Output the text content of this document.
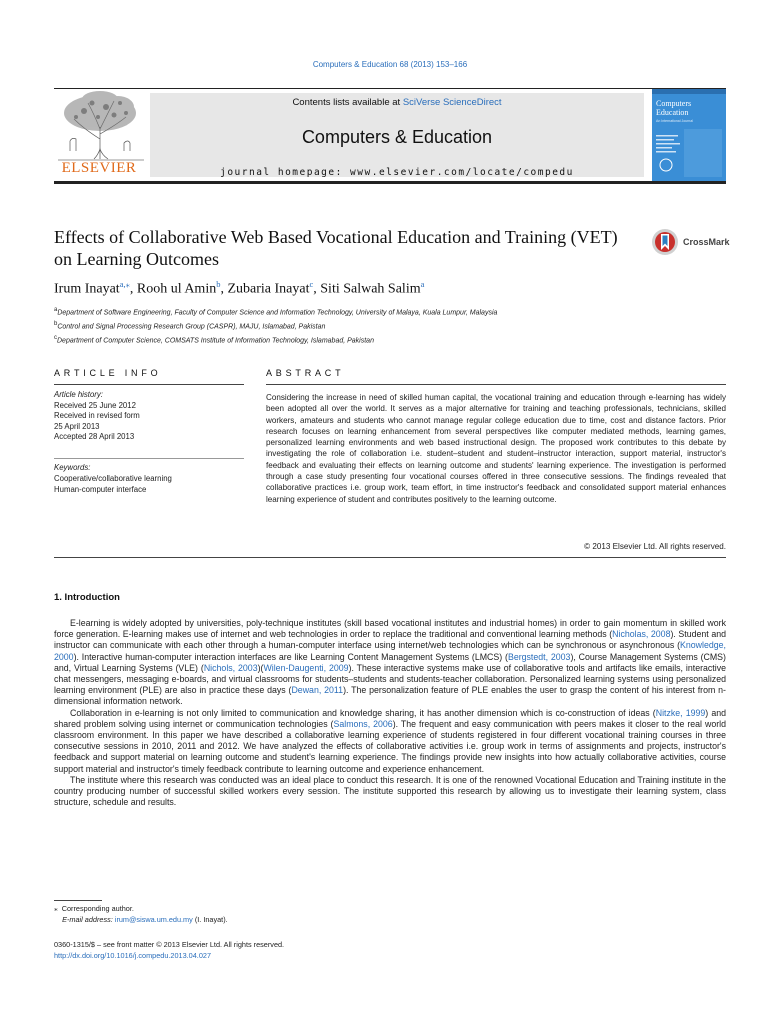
Computers & Education 68 (2013) 153–166
ELSEVIER
Contents lists available at SciVerse ScienceDirect
Computers & Education
journal homepage: www.elsevier.com/locate/compedu
Computers
Education
An International Journal
Effects of Collaborative Web Based Vocational Education and Training (VET) on Learning Outcomes
CrossMark
Irum Inayat$^{a,⁎}$, Rooh ul Amin$^b$, Zubaria Inayat$^c$, Siti Salwah Salim$^a$
$^a$Department of Software Engineering, Faculty of Computer Science and Information Technology, University of Malaya, Kuala Lumpur, Malaysia
$^b$Control and Signal Processing Research Group (CASPR), MAJU, Islamabad, Pakistan
$^c$Department of Computer Science, COMSATS Institute of Information Technology, Islamabad, Pakistan
ARTICLE INFO	ABSTRACT
Article history:
Received 25 June 2012
Received in revised form
25 April 2013
Accepted 28 April 2013
Keywords:
Cooperative/collaborative learning
Human-computer interface
Considering the increase in need of skilled human capital, the vocational training and education through e-learning has widely been adopted all over the world. It serves as a major alternative for training and teaching professionals, technicians, skilled workers, amateurs and students who cannot manage regular college education due to time, cost and distance factors. Prior research focuses on learning enhancement from several perspectives like computer mediated methods, learning games, personalized learning environments and web based instructional design. The proposed work contributes to this debate by investigating the role of collaboration i.e. student–student and student–instructor interaction, support material, instructor's feedback and evaluating their effects on learning outcome and students' learning experience. The investigation is performed through a case study presenting four vocational courses offered in three consecutive sessions. The findings revealed that collaborative practices i.e. group work, team effort, in time instructor's feedback and consolidated support material enhances learning experience of student and contributes positively to the learning outcome.
© 2013 Elsevier Ltd. All rights reserved.
1. Introduction

E-learning is widely adopted by universities, poly-technique institutes (skill based vocational institutes and industrial homes) in order to gain momentum in skilled work force generation. E-learning makes use of internet and web technologies in order to replace the traditional and conventional learning methods (Nicholas, 2008). Student and instructor can communicate with each other through a human-computer interface using internet/web technologies which can be synchronous or asynchronous (Knowledge, 2000). Interactive human-computer interaction interfaces are like Learning Content Management Systems (LMCS) (Bergstedt, 2003), Course Management Systems (CMS) and, Virtual Learning Systems (VLE) (Nichols, 2003)(Wilen-Daugenti, 2009). These interactive systems make use of collaborative tools and artifacts like emails, interactive chat messengers, messaging e-boards, and virtual classrooms for students–students and students-teacher collaboration. Personalized learning systems using personalized learning environment (PLE) are also in practice these days (Dewan, 2011). The personalization feature of PLE enables the user to grasp the content of his interest from n-dimensional information network.

Collaboration in e-learning is not only limited to communication and knowledge sharing, it has another dimension which is co-construction of ideas (Nitzke, 1999) and shared problem solving using internet or communication technologies (Salmons, 2006). The frequent and easy communication with peers makes it closer to the real world classroom environment. In this paper we have described a collaborative learning experience of students registered in four different vocational training courses in three consecutive sessions in 2010, 2011 and 2012. We have analyzed the effects of collaborative activities i.e. group work in terms of assignments and projects, instructor's feedback and support material on learning outcome and student's learning experience. The findings provide new insights into how actually collaborative activities, course support material and instructor's timely feedback contribute to learning outcome and experience enhancement.

The institute where this research was conducted was an ideal place to conduct this research. It is one of the renowned Vocational Education and Training institute in the country producing number of successful skilled workers every session. The institute supported this research by allowing us to investigate their learning system, class structure, schedule and results.

⁎ Corresponding author.
E-mail address: irum@siswa.um.edu.my (I. Inayat).
0360-1315/$ – see front matter © 2013 Elsevier Ltd. All rights reserved.
http://dx.doi.org/10.1016/j.compedu.2013.04.027
